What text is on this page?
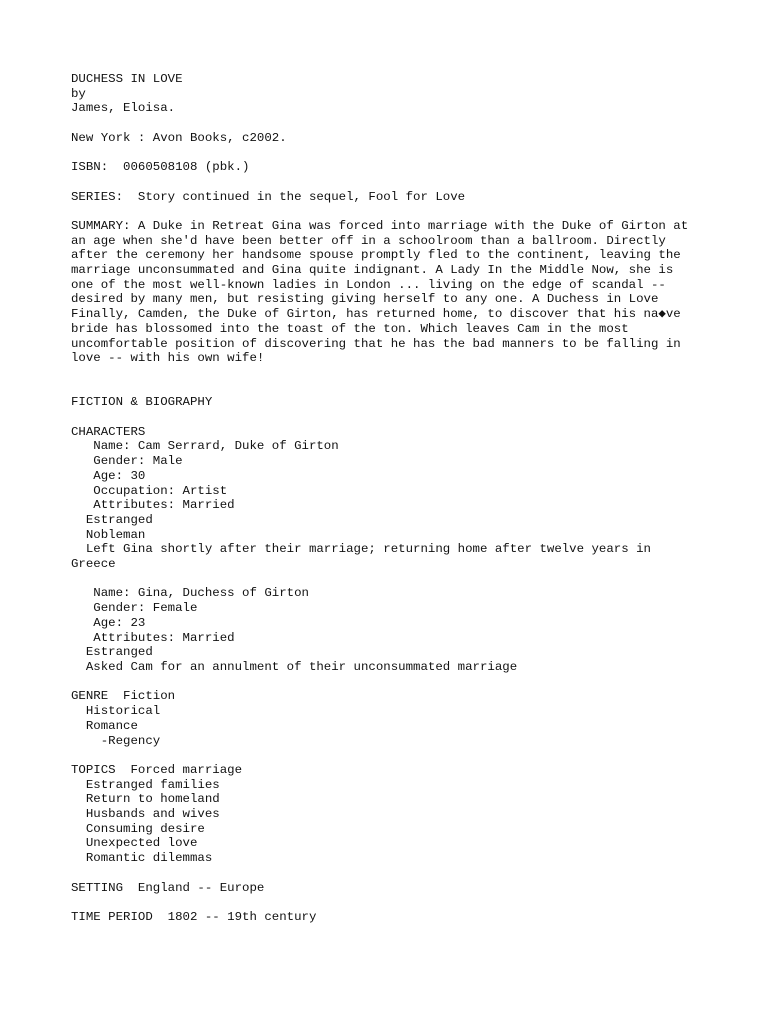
DUCHESS IN LOVE
by
James, Eloisa.
New York : Avon Books, c2002.
ISBN:  0060508108 (pbk.)
SERIES:  Story continued in the sequel, Fool for Love
SUMMARY: A Duke in Retreat Gina was forced into marriage with the Duke of Girton at
an age when she'd have been better off in a schoolroom than a ballroom. Directly
after the ceremony her handsome spouse promptly fled to the continent, leaving the
marriage unconsummated and Gina quite indignant. A Lady In the Middle Now, she is
one of the most well-known ladies in London ... living on the edge of scandal --
desired by many men, but resisting giving herself to any one. A Duchess in Love
Finally, Camden, the Duke of Girton, has returned home, to discover that his na◆ve
bride has blossomed into the toast of the ton. Which leaves Cam in the most
uncomfortable position of discovering that he has the bad manners to be falling in
love -- with his own wife!
FICTION & BIOGRAPHY
CHARACTERS
Name: Cam Serrard, Duke of Girton
Gender: Male
Age: 30
Occupation: Artist
Attributes: Married
Estranged
Nobleman
Left Gina shortly after their marriage; returning home after twelve years in
Greece
Name: Gina, Duchess of Girton
Gender: Female
Age: 23
Attributes: Married
Estranged
Asked Cam for an annulment of their unconsummated marriage
GENRE  Fiction
Historical
Romance
-Regency
TOPICS  Forced marriage
Estranged families
Return to homeland
Husbands and wives
Consuming desire
Unexpected love
Romantic dilemmas
SETTING  England -- Europe
TIME PERIOD  1802 -- 19th century
